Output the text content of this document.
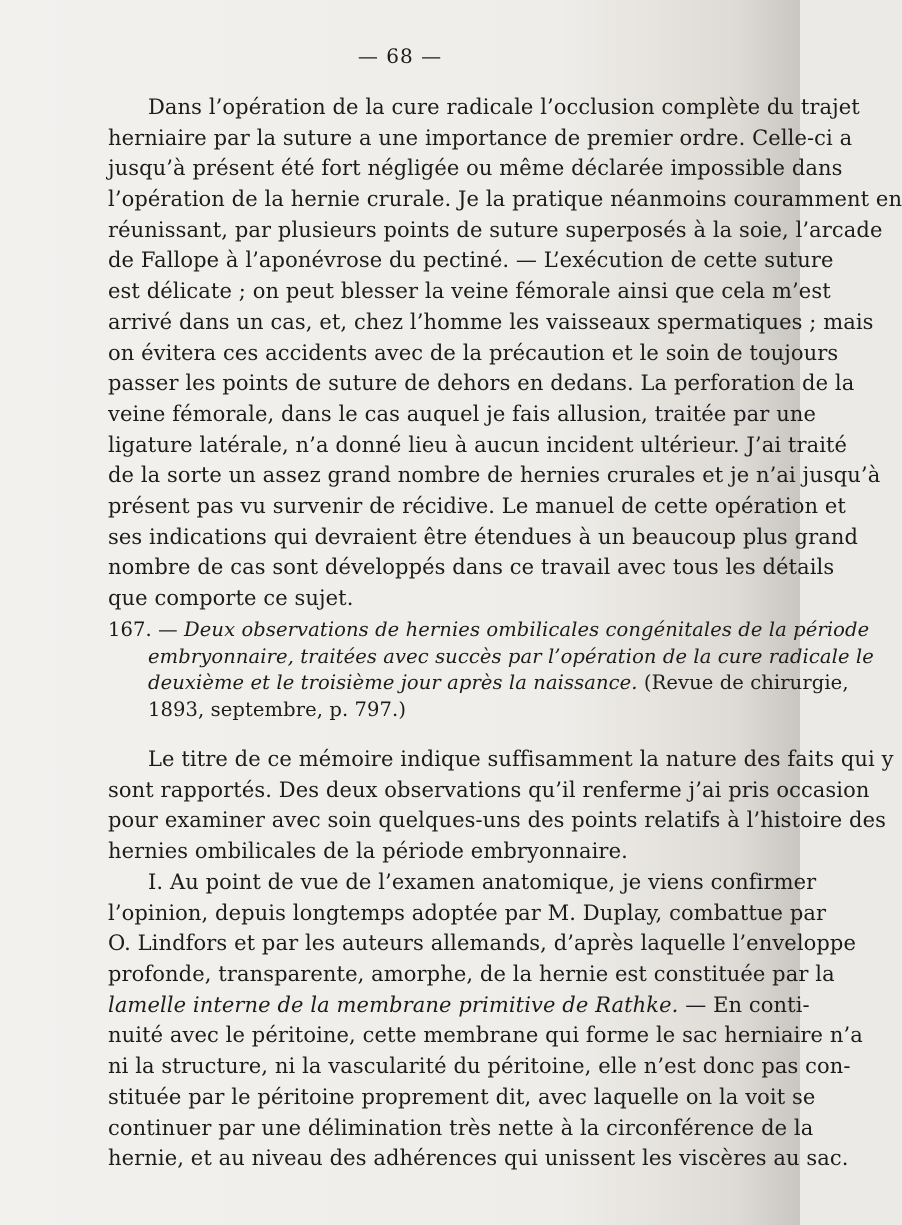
— 68 —
Dans l’opération de la cure radicale l’occlusion complète du trajet
herniaire par la suture a une importance de premier ordre. Celle-ci a
jusqu’à présent été fort négligée ou même déclarée impossible dans
l’opération de la hernie crurale. Je la pratique néanmoins couramment en
réunissant, par plusieurs points de suture superposés à la soie, l’arcade
de Fallope à l’aponévrose du pectiné. — L’exécution de cette suture
est délicate ; on peut blesser la veine fémorale ainsi que cela m’est
arrivé dans un cas, et, chez l’homme les vaisseaux spermatiques ; mais
on évitera ces accidents avec de la précaution et le soin de toujours
passer les points de suture de dehors en dedans. La perforation de la
veine fémorale, dans le cas auquel je fais allusion, traitée par une
ligature latérale, n’a donné lieu à aucun incident ultérieur. J’ai traité
de la sorte un assez grand nombre de hernies crurales et je n’ai jusqu’à
présent pas vu survenir de récidive. Le manuel de cette opération et
ses indications qui devraient être étendues à un beaucoup plus grand
nombre de cas sont développés dans ce travail avec tous les détails
que comporte ce sujet.
167. — Deux observations de hernies ombilicales congénitales de la période
embryonnaire, traitées avec succès par l’opération de la cure radicale le
deuxième et le troisième jour après la naissance. (Revue de chirurgie,
1893, septembre, p. 797.)
Le titre de ce mémoire indique suffisamment la nature des faits qui y
sont rapportés. Des deux observations qu’il renferme j’ai pris occasion
pour examiner avec soin quelques-uns des points relatifs à l’histoire des
hernies ombilicales de la période embryonnaire.
I. Au point de vue de l’examen anatomique, je viens confirmer
l’opinion, depuis longtemps adoptée par M. Duplay, combattue par
O. Lindfors et par les auteurs allemands, d’après laquelle l’enveloppe
profonde, transparente, amorphe, de la hernie est constituée par la
lamelle interne de la membrane primitive de Rathke. — En conti-
nuité avec le péritoine, cette membrane qui forme le sac herniaire n’a
ni la structure, ni la vascularité du péritoine, elle n’est donc pas con-
stituée par le péritoine proprement dit, avec laquelle on la voit se
continuer par une délimination très nette à la circonférence de la
hernie, et au niveau des adhérences qui unissent les viscères au sac.
